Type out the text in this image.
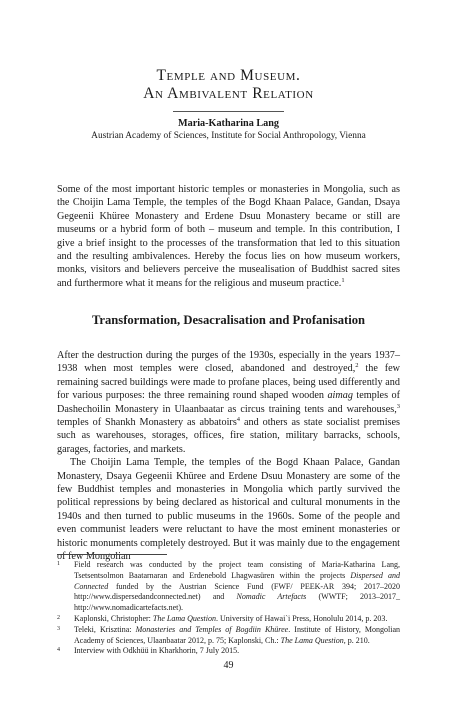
Temple and Museum.
An Ambivalent Relation
Maria-Katharina Lang
Austrian Academy of Sciences, Institute for Social Anthropology, Vienna

Some of the most important historic temples or monasteries in Mongolia, such as the Choijin Lama Temple, the temples of the Bogd Khaan Palace, Gandan, Dsaya Gegeenii Khüree Monastery and Erdene Dsuu Monastery became or still are museums or a hybrid form of both – museum and temple. In this contribution, I give a brief insight to the processes of the transformation that led to this situation and the resulting ambivalences. Hereby the focus lies on how museum workers, monks, visitors and believers perceive the musealisation of Buddhist sacred sites and furthermore what it means for the religious and museum practice.$^1$

Transformation, Desacralisation and Profanisation

After the destruction during the purges of the 1930s, especially in the years 1937–1938 when most temples were closed, abandoned and destroyed,$^2$ the few remaining sacred buildings were made to profane places, being used differently and for various purposes: the three remaining round shaped wooden aimag temples of Dashechoilin Monastery in Ulaanbaatar as circus training tents and warehouses,$^3$ temples of Shankh Monastery as abbatoirs$^4$ and others as state socialist premises such as warehouses, storages, offices, fire station, military barracks, schools, garages, factories, and markets.

The Choijin Lama Temple, the temples of the Bogd Khaan Palace, Gandan Monastery, Dsaya Gegeenii Khüree and Erdene Dsuu Monastery are some of the few Buddhist temples and monasteries in Mongolia which partly survived the political repressions by being declared as historical and cultural monuments in the 1940s and then turned to public museums in the 1960s. Some of the people and even communist leaders were reluctant to have the most eminent monasteries or historic monuments completely destroyed. But it was mainly due to the engagement of few Mongolian

1 Field research was conducted by the project team consisting of Maria-Katharina Lang, Tsetsentsolmon Baatarnaran and Erdenebold Lhagwasüren within the projects Dispersed and Connected funded by the Austrian Science Fund (FWF/ PEEK-AR 394; 2017–2020 http://www.dispersedandconnected.net) and Nomadic Artefacts (WWTF; 2013–2017_ http://www.nomadicartefacts.net).

2 Kaplonski, Christopher: The Lama Question. University of Hawai`i Press, Honolulu 2014, p. 203.

3 Teleki, Krisztina: Monasteries and Temples of Bogdiin Khüree. Institute of History, Mongolian Academy of Sciences, Ulaanbaatar 2012, p. 75; Kaplonski, Ch.: The Lama Question, p. 210.

4 Interview with Odkhüü in Kharkhorin, 7 July 2015.

49
